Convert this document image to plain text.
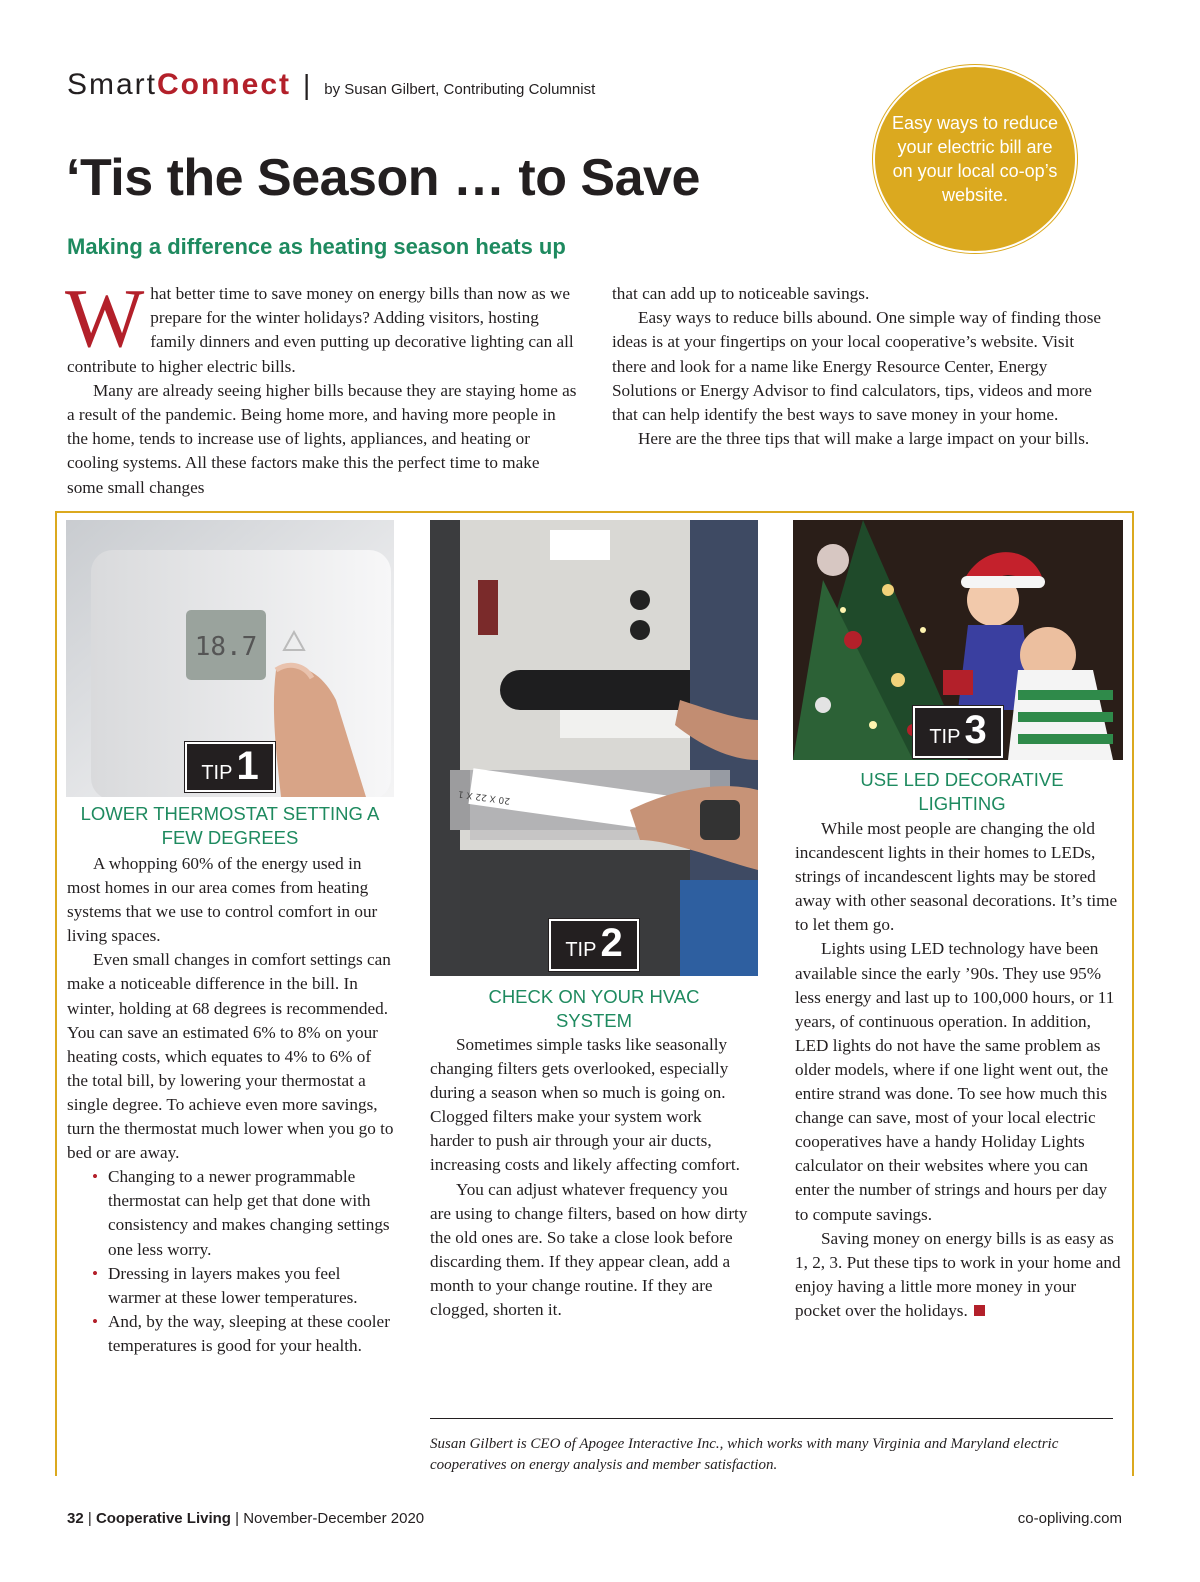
Smart Connect | by Susan Gilbert, Contributing Columnist
‘Tis the Season … to Save
Making a difference as heating season heats up
Easy ways to reduce your electric bill are on your local co-op’s website.

What better time to save money on energy bills than now as we prepare for the winter holidays? Adding visitors, hosting family dinners and even putting up decorative lighting can all contribute to higher electric bills.

Many are already seeing higher bills because they are staying home as a result of the pandemic. Being home more, and having more people in the home, tends to increase use of lights, appliances, and heating or cooling systems. All these factors make this the perfect time to make some small changes

that can add up to noticeable savings.

Easy ways to reduce bills abound. One simple way of finding those ideas is at your fingertips on your local cooperative’s website. Visit there and look for a name like Energy Resource Center, Energy Solutions or Energy Advisor to find calculators, tips, videos and more that can help identify the best ways to save money in your home.

Here are the three tips that will make a large impact on your bills.

18.7
TIP 1
20 X 22 X 1
TIP 2
TIP 3
LOWER THERMOSTAT SETTING A FEW DEGREES

A whopping 60% of the energy used in most homes in our area comes from heating systems that we use to control comfort in our living spaces.

Even small changes in comfort settings can make a noticeable difference in the bill. In winter, holding at 68 degrees is recommended. You can save an estimated 6% to 8% on your heating costs, which equates to 4% to 6% of the total bill, by lowering your thermostat a single degree. To achieve even more savings, turn the thermostat much lower when you go to bed or are away.

• Changing to a newer programmable thermostat can help get that done with consistency and makes changing settings one less worry.
• Dressing in layers makes you feel warmer at these lower temperatures.
• And, by the way, sleeping at these cooler temperatures is good for your health.
CHECK ON YOUR HVAC SYSTEM

Sometimes simple tasks like seasonally changing filters gets overlooked, especially during a season when so much is going on. Clogged filters make your system work harder to push air through your air ducts, increasing costs and likely affecting comfort.

You can adjust whatever frequency you are using to change filters, based on how dirty the old ones are. So take a close look before discarding them. If they appear clean, add a month to your change routine. If they are clogged, shorten it.

USE LED DECORATIVE LIGHTING

While most people are changing the old incandescent lights in their homes to LEDs, strings of incandescent lights may be stored away with other seasonal decorations. It’s time to let them go.

Lights using LED technology have been available since the early ’90s. They use 95% less energy and last up to 100,000 hours, or 11 years, of continuous operation. In addition, LED lights do not have the same problem as older models, where if one light went out, the entire strand was done. To see how much this change can save, most of your local electric cooperatives have a handy Holiday Lights calculator on their websites where you can enter the number of strings and hours per day to compute savings.

Saving money on energy bills is as easy as 1, 2, 3. Put these tips to work in your home and enjoy having a little more money in your pocket over the holidays.

Susan Gilbert is CEO of Apogee Interactive Inc., which works with many Virginia and Maryland electric cooperatives on energy analysis and member satisfaction.

32 | Cooperative Living | November-December 2020	co-opliving.com
